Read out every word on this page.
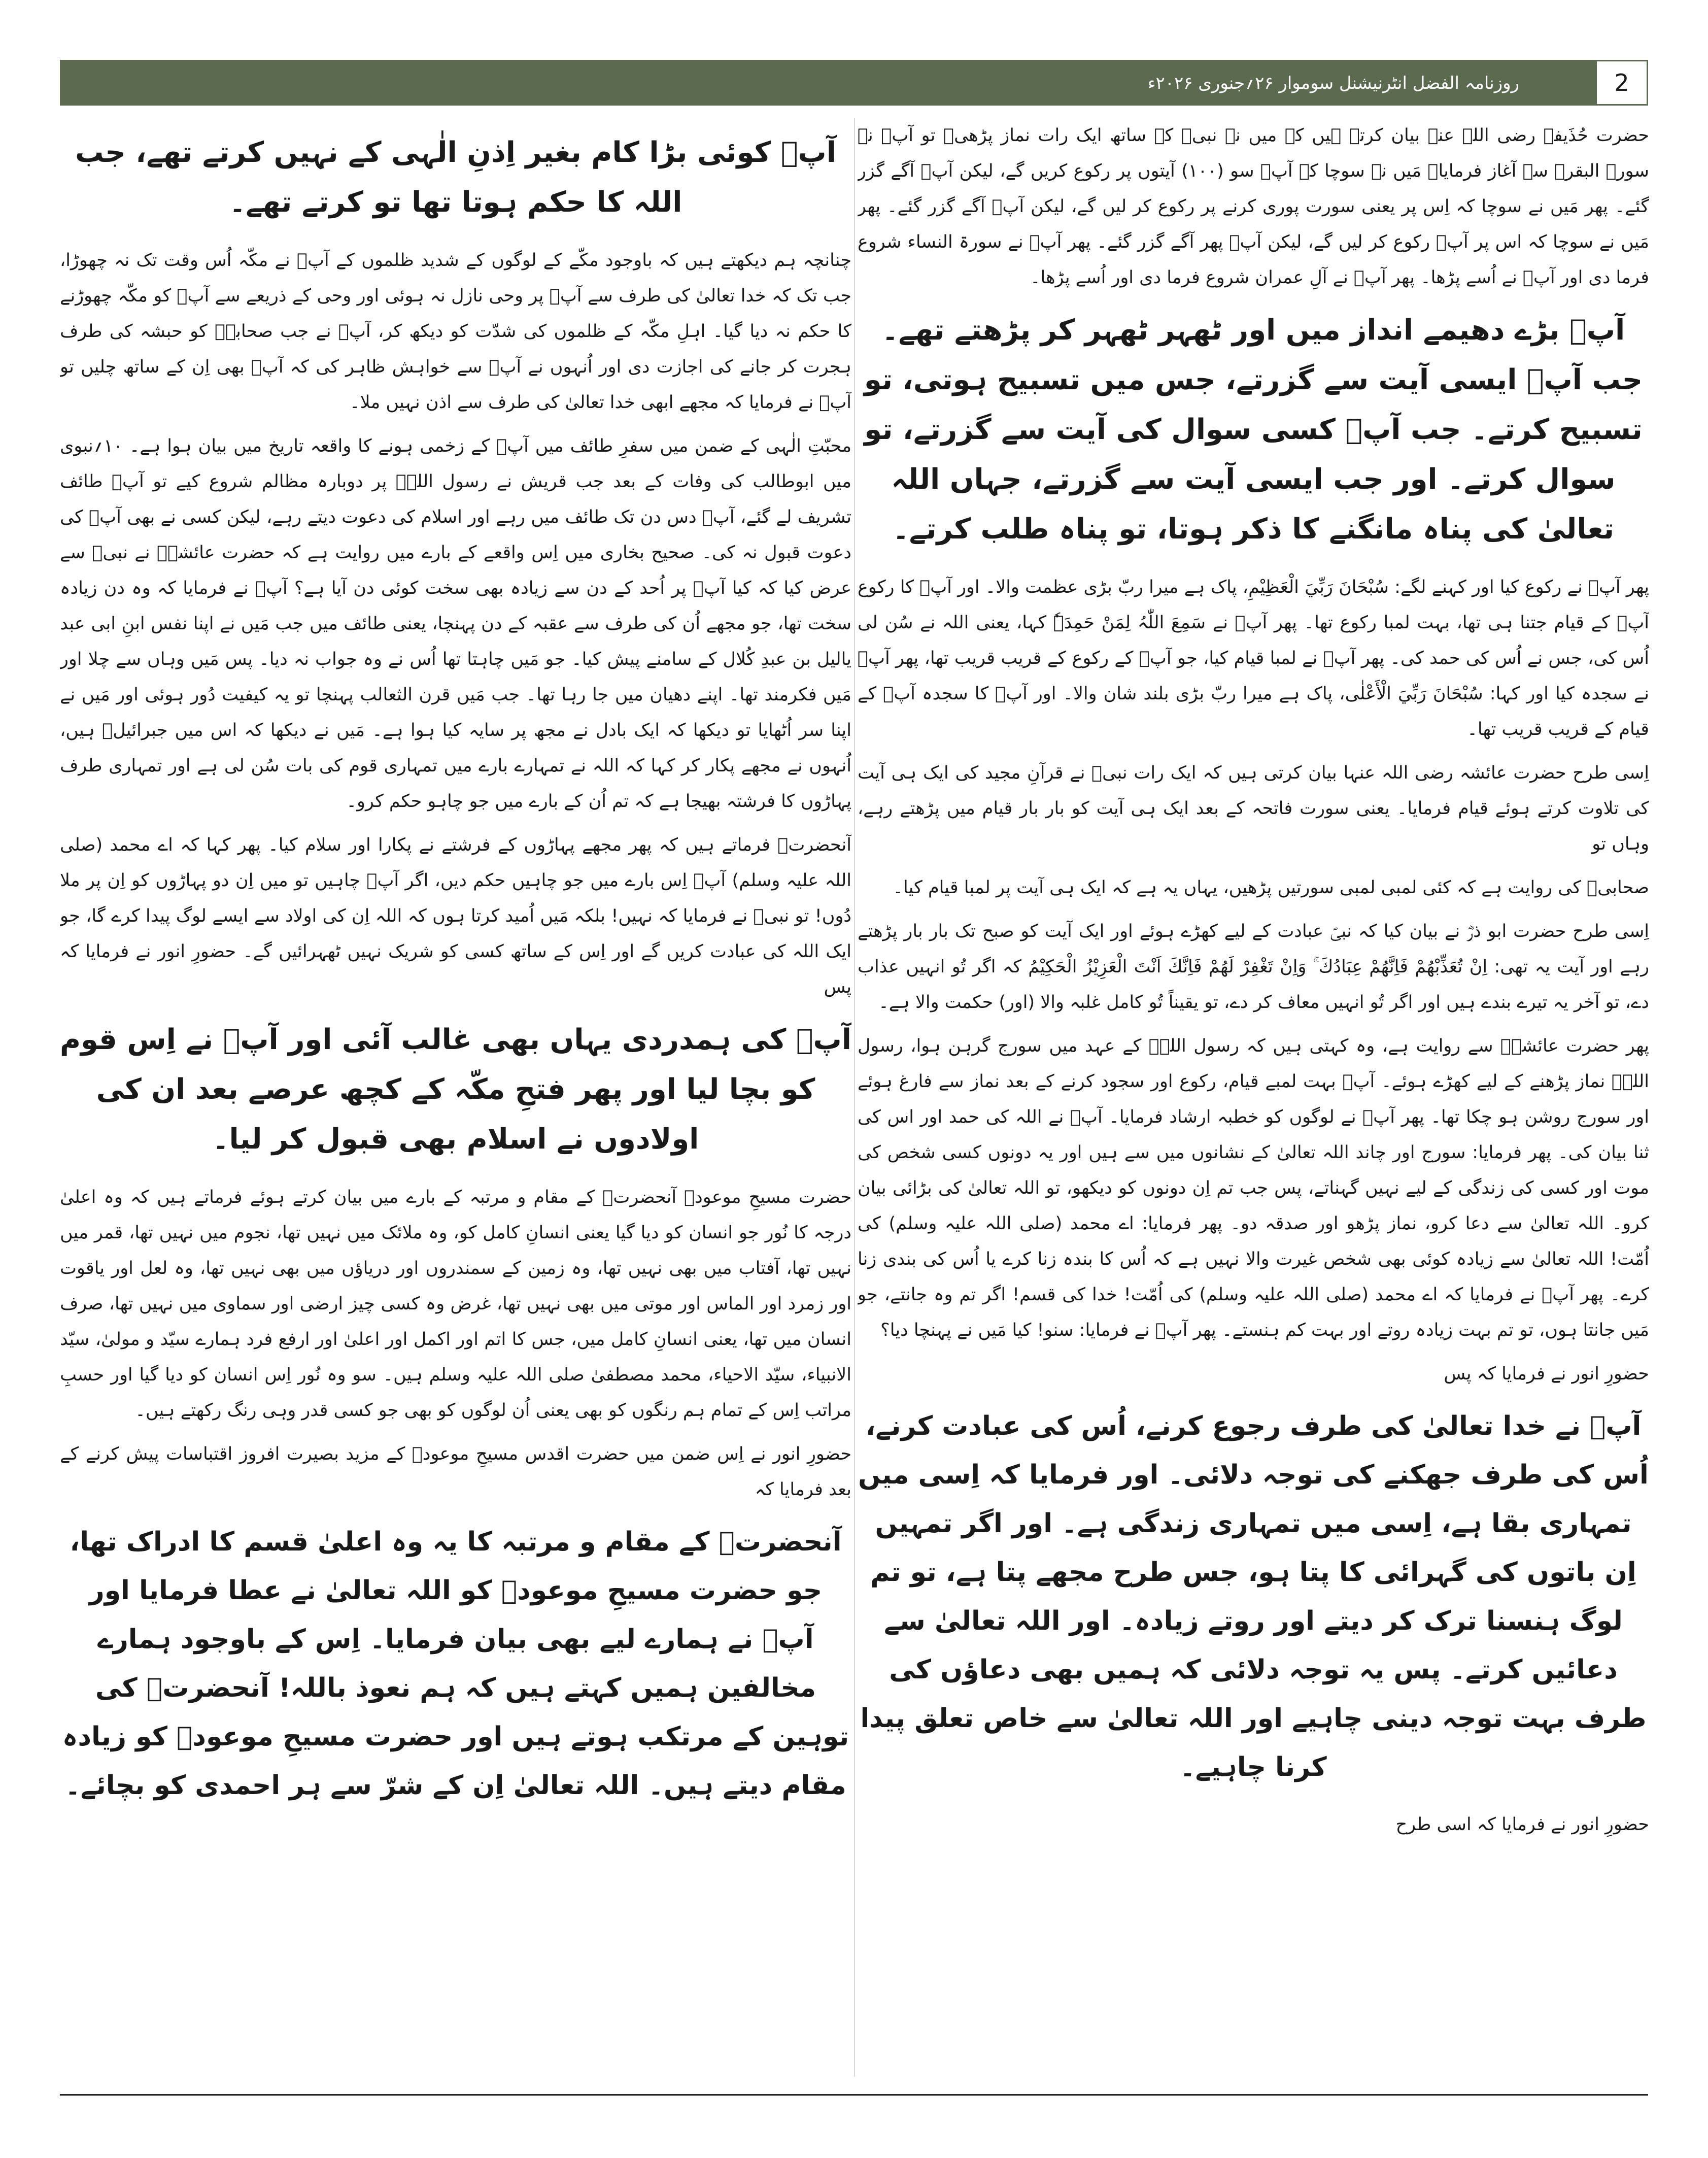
روزنامہ الفضل انٹرنیشنل سوموار ۲۶؍جنوری ۲۰۲۶ء	2

حضرت حُذَیفہ رضی اللہ عنہ بیان کرتے ہیں کہ میں نے نبیؐ کے ساتھ ایک رات نماز پڑھی۔ تو آپؐ نے سورۃ البقرہ سے آغاز فرمایا۔ مَیں نے سوچا کہ آپؐ سو (۱۰۰) آیتوں پر رکوع کریں گے، لیکن آپؐ آگے گزر گئے۔ پھر مَیں نے سوچا کہ اِس پر یعنی سورت پوری کرنے پر رکوع کر لیں گے، لیکن آپؐ آگے گزر گئے۔ پھر مَیں نے سوچا کہ اس پر آپؐ رکوع کر لیں گے، لیکن آپؐ پھر آگے گزر گئے۔ پھر آپؐ نے سورۃ النساء شروع فرما دی اور آپؐ نے اُسے پڑھا۔ پھر آپؐ نے آلِ عمران شروع فرما دی اور اُسے پڑھا۔

آپؐ بڑے دھیمے انداز میں اور ٹھہر ٹھہر کر پڑھتے تھے۔ جب آپؐ ایسی آیت سے گزرتے، جس میں تسبیح ہوتی، تو تسبیح کرتے۔ جب آپؐ کسی سوال کی آیت سے گزرتے، تو سوال کرتے۔ اور جب ایسی آیت سے گزرتے، جہاں اللہ تعالیٰ کی پناہ مانگنے کا ذکر ہوتا، تو پناہ طلب کرتے۔

پھر آپؐ نے رکوع کیا اور کہنے لگے: سُبْحَانَ رَبِّيَ الْعَظِيْمِ، پاک ہے میرا ربّ بڑی عظمت والا۔ اور آپؐ کا رکوع آپؐ کے قیام جتنا ہی تھا، بہت لمبا رکوع تھا۔ پھر آپؐ نے سَمِعَ اللّٰہُ لِمَنْ حَمِدَہٗ کہا، یعنی اللہ نے سُن لی اُس کی، جس نے اُس کی حمد کی۔ پھر آپؐ نے لمبا قیام کیا، جو آپؐ کے رکوع کے قریب قریب تھا، پھر آپؐ نے سجدہ کیا اور کہا: سُبْحَانَ رَبِّيَ الْأَعْلٰى، پاک ہے میرا ربّ بڑی بلند شان والا۔ اور آپؐ کا سجدہ آپؐ کے قیام کے قریب قریب تھا۔

اِسی طرح حضرت عائشہ رضی اللہ عنہا بیان کرتی ہیں کہ ایک رات نبیؐ نے قرآنِ مجید کی ایک ہی آیت کی تلاوت کرتے ہوئے قیام فرمایا۔ یعنی سورت فاتحہ کے بعد ایک ہی آیت کو بار بار قیام میں پڑھتے رہے، وہاں تو

صحابیؓ کی روایت ہے کہ کئی لمبی لمبی سورتیں پڑھیں، یہاں یہ ہے کہ ایک ہی آیت پر لمبا قیام کیا۔

اِسی طرح حضرت ابو ذرؓ نے بیان کیا کہ نبیؐ عبادت کے لیے کھڑے ہوئے اور ایک آیت کو صبح تک بار بار پڑھتے رہے اور آیت یہ تھی: اِنْ تُعَذِّبْهُمْ فَاِنَّهُمْ عِبَادُكَ ۚ وَاِنْ تَغْفِرْ لَهُمْ فَاِنَّكَ اَنْتَ الْعَزِيْزُ الْحَكِيْمُ کہ اگر تُو انہیں عذاب دے، تو آخر یہ تیرے بندے ہیں اور اگر تُو انہیں معاف کر دے، تو یقیناً تُو کامل غلبہ والا (اور) حکمت والا ہے۔

پھر حضرت عائشہؓ سے روایت ہے، وہ کہتی ہیں کہ رسول اللہؐ کے عہد میں سورج گرہن ہوا، رسول اللہؐ نماز پڑھنے کے لیے کھڑے ہوئے۔ آپؐ بہت لمبے قیام، رکوع اور سجود کرنے کے بعد نماز سے فارغ ہوئے اور سورج روشن ہو چکا تھا۔ پھر آپؐ نے لوگوں کو خطبہ ارشاد فرمایا۔ آپؐ نے اللہ کی حمد اور اس کی ثنا بیان کی۔ پھر فرمایا: سورج اور چاند اللہ تعالیٰ کے نشانوں میں سے ہیں اور یہ دونوں کسی شخص کی موت اور کسی کی زندگی کے لیے نہیں گہناتے، پس جب تم اِن دونوں کو دیکھو، تو اللہ تعالیٰ کی بڑائی بیان کرو۔ اللہ تعالیٰ سے دعا کرو، نماز پڑھو اور صدقہ دو۔ پھر فرمایا: اے محمد (صلی اللہ علیہ وسلم) کی اُمّت! اللہ تعالیٰ سے زیادہ کوئی بھی شخص غیرت والا نہیں ہے کہ اُس کا بندہ زنا کرے یا اُس کی بندی زنا کرے۔ پھر آپؐ نے فرمایا کہ اے محمد (صلی اللہ علیہ وسلم) کی اُمّت! خدا کی قسم! اگر تم وہ جانتے، جو مَیں جانتا ہوں، تو تم بہت زیادہ روتے اور بہت کم ہنستے۔ پھر آپؐ نے فرمایا: سنو! کیا مَیں نے پہنچا دیا؟

حضورِ انور نے فرمایا کہ پس

آپؐ نے خدا تعالیٰ کی طرف رجوع کرنے، اُس کی عبادت کرنے، اُس کی طرف جھکنے کی توجہ دلائی۔ اور فرمایا کہ اِسی میں تمہاری بقا ہے، اِسی میں تمہاری زندگی ہے۔ اور اگر تمہیں اِن باتوں کی گہرائی کا پتا ہو، جس طرح مجھے پتا ہے، تو تم لوگ ہنسنا ترک کر دیتے اور روتے زیادہ۔ اور اللہ تعالیٰ سے دعائیں کرتے۔ پس یہ توجہ دلائی کہ ہمیں بھی دعاؤں کی طرف بہت توجہ دینی چاہیے اور اللہ تعالیٰ سے خاص تعلق پیدا کرنا چاہیے۔

حضورِ انور نے فرمایا کہ اسی طرح

آپؐ کوئی بڑا کام بغیر اِذنِ الٰہی کے نہیں کرتے تھے، جب اللہ کا حکم ہوتا تھا تو کرتے تھے۔

چنانچہ ہم دیکھتے ہیں کہ باوجود مکّے کے لوگوں کے شدید ظلموں کے آپؐ نے مکّہ اُس وقت تک نہ چھوڑا، جب تک کہ خدا تعالیٰ کی طرف سے آپؐ پر وحی نازل نہ ہوئی اور وحی کے ذریعے سے آپؐ کو مکّہ چھوڑنے کا حکم نہ دیا گیا۔ اہلِ مکّہ کے ظلموں کی شدّت کو دیکھ کر، آپؐ نے جب صحابہؓ کو حبشہ کی طرف ہجرت کر جانے کی اجازت دی اور اُنہوں نے آپؐ سے خواہش ظاہر کی کہ آپؐ بھی اِن کے ساتھ چلیں تو آپؐ نے فرمایا کہ مجھے ابھی خدا تعالیٰ کی طرف سے اذن نہیں ملا۔

محبّتِ الٰہی کے ضمن میں سفرِ طائف میں آپؐ کے زخمی ہونے کا واقعہ تاریخ میں بیان ہوا ہے۔ ۱۰؍نبوی میں ابوطالب کی وفات کے بعد جب قریش نے رسول اللہؐ پر دوبارہ مظالم شروع کیے تو آپؐ طائف تشریف لے گئے، آپؐ دس دن تک طائف میں رہے اور اسلام کی دعوت دیتے رہے، لیکن کسی نے بھی آپؐ کی دعوت قبول نہ کی۔ صحیح بخاری میں اِس واقعے کے بارے میں روایت ہے کہ حضرت عائشہؓ نے نبیؐ سے عرض کیا کہ کیا آپؐ پر اُحد کے دن سے زیادہ بھی سخت کوئی دن آیا ہے؟ آپؐ نے فرمایا کہ وہ دن زیادہ سخت تھا، جو مجھے اُن کی طرف سے عقبہ کے دن پہنچا، یعنی طائف میں جب مَیں نے اپنا نفس ابنِ ابی عبد یالیل بن عبدِ کُلال کے سامنے پیش کیا۔ جو مَیں چاہتا تھا اُس نے وہ جواب نہ دیا۔ پس مَیں وہاں سے چلا اور مَیں فکرمند تھا۔ اپنے دھیان میں جا رہا تھا۔ جب مَیں قرن الثعالب پہنچا تو یہ کیفیت دُور ہوئی اور مَیں نے اپنا سر اُٹھایا تو دیکھا کہ ایک بادل نے مجھ پر سایہ کیا ہوا ہے۔ مَیں نے دیکھا کہ اس میں جبرائیلؑ ہیں، اُنہوں نے مجھے پکار کر کہا کہ اللہ نے تمہارے بارے میں تمہاری قوم کی بات سُن لی ہے اور تمہاری طرف پہاڑوں کا فرشتہ بھیجا ہے کہ تم اُن کے بارے میں جو چاہو حکم کرو۔

آنحضرتؐ فرماتے ہیں کہ پھر مجھے پہاڑوں کے فرشتے نے پکارا اور سلام کیا۔ پھر کہا کہ اے محمد (صلی اللہ علیہ وسلم) آپؐ اِس بارے میں جو چاہیں حکم دیں، اگر آپؐ چاہیں تو میں اِن دو پہاڑوں کو اِن پر ملا دُوں! تو نبیؐ نے فرمایا کہ نہیں! بلکہ مَیں اُمید کرتا ہوں کہ اللہ اِن کی اولاد سے ایسے لوگ پیدا کرے گا، جو ایک اللہ کی عبادت کریں گے اور اِس کے ساتھ کسی کو شریک نہیں ٹھہرائیں گے۔ حضورِ انور نے فرمایا کہ پس

آپؐ کی ہمدردی یہاں بھی غالب آئی اور آپؐ نے اِس قوم کو بچا لیا اور پھر فتحِ مکّہ کے کچھ عرصے بعد ان کی اولادوں نے اسلام بھی قبول کر لیا۔

حضرت مسیحِ موعودؑ آنحضرتؐ کے مقام و مرتبہ کے بارے میں بیان کرتے ہوئے فرماتے ہیں کہ وہ اعلیٰ درجہ کا نُور جو انسان کو دیا گیا یعنی انسانِ کامل کو، وہ ملائک میں نہیں تھا، نجوم میں نہیں تھا، قمر میں نہیں تھا، آفتاب میں بھی نہیں تھا، وہ زمین کے سمندروں اور دریاؤں میں بھی نہیں تھا، وہ لعل اور یاقوت اور زمرد اور الماس اور موتی میں بھی نہیں تھا، غرض وہ کسی چیز ارضی اور سماوی میں نہیں تھا، صرف انسان میں تھا، یعنی انسانِ کامل میں، جس کا اتم اور اکمل اور اعلیٰ اور ارفع فرد ہمارے سیّد و مولیٰ، سیّد الانبیاء، سیّد الاحیاء، محمد مصطفیٰ صلی اللہ علیہ وسلم ہیں۔ سو وہ نُور اِس انسان کو دیا گیا اور حسبِ مراتب اِس کے تمام ہم رنگوں کو بھی یعنی اُن لوگوں کو بھی جو کسی قدر وہی رنگ رکھتے ہیں۔

حضورِ انور نے اِس ضمن میں حضرت اقدس مسیحِ موعودؑ کے مزید بصیرت افروز اقتباسات پیش کرنے کے بعد فرمایا کہ

آنحضرتؐ کے مقام و مرتبہ کا یہ وہ اعلیٰ قسم کا ادراک تھا، جو حضرت مسیحِ موعودؑ کو اللہ تعالیٰ نے عطا فرمایا اور آپؑ نے ہمارے لیے بھی بیان فرمایا۔ اِس کے باوجود ہمارے مخالفین ہمیں کہتے ہیں کہ ہم نعوذ باللہ! آنحضرتؐ کی توہین کے مرتکب ہوتے ہیں اور حضرت مسیحِ موعودؑ کو زیادہ مقام دیتے ہیں۔ اللہ تعالیٰ اِن کے شرّ سے ہر احمدی کو بچائے۔
